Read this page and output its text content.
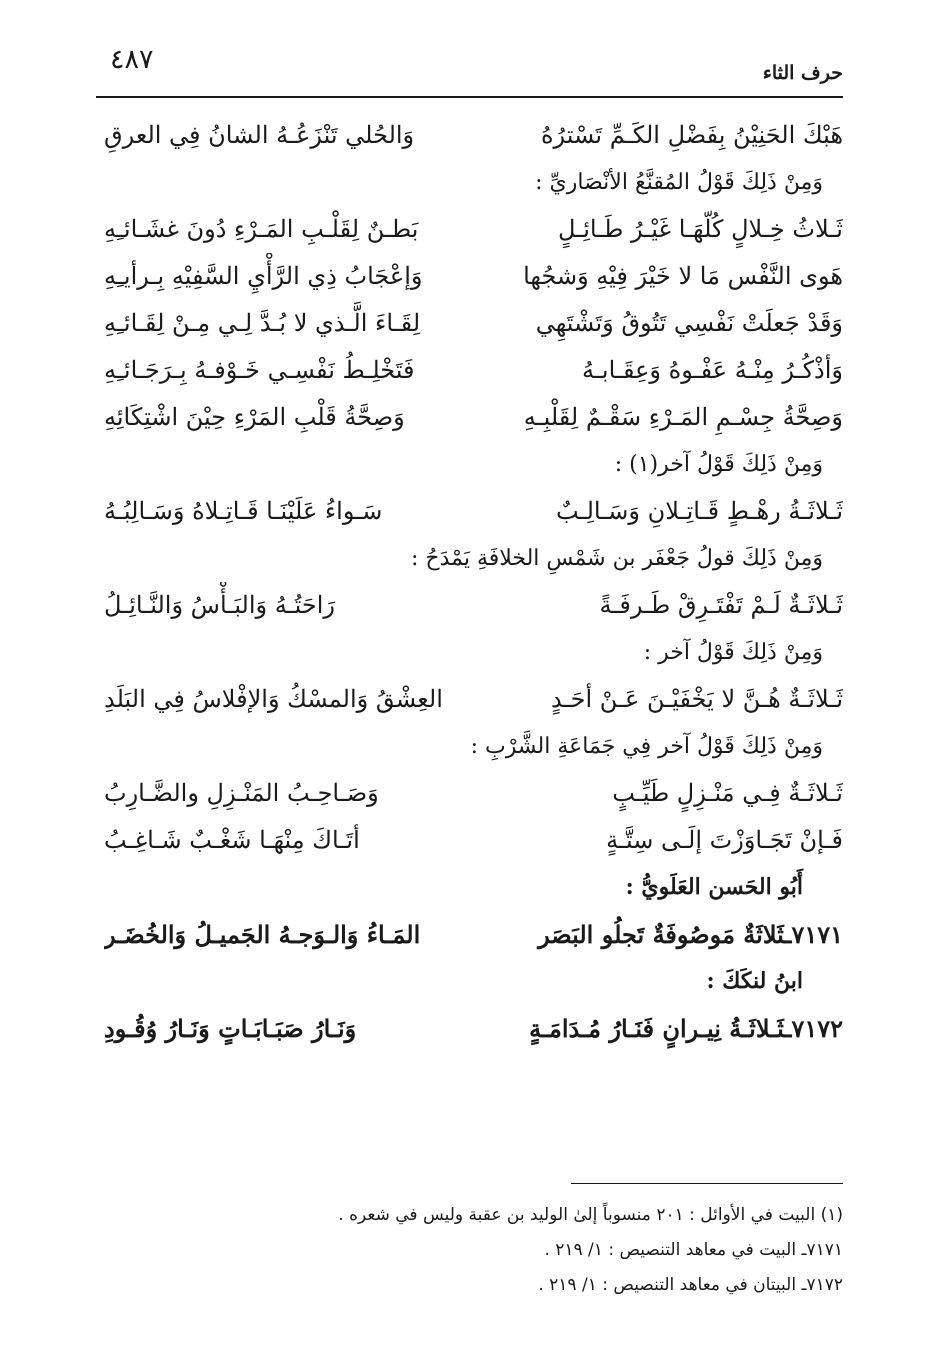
٤٨٧	حرف الثاء
هَبْكَ الحَنِيْنُ بِفَضْلِ الكَـمِّ تَسْترُهُ
وَالحُلي تَنْزَعُـهُ الشانُ فِي العرقِ
وَمِنْ ذَلِكَ قَوْلُ المُقنَّعُ الأنْصَاريِّ :
ثَـلاثُ خِـلالٍ كُلّهَـا غَيْـرُ طَـائِـلٍ
بَطـنٌ لِقَلْـبِ المَـرْءِ دُونَ غشَـائـِهِ
هَوى النَّفْس مَا لا خَيْرَ فِيْهِ وَشجُها
وَإعْجَابُ ذِي الرَّأْيِ السَّفِيْهِ بِـرأيـِهِ
وَقَدْ جَعلَتْ نَفْسِي تَتُوقُ وَتَشْتَهِي
لِقَـاءَ الَّـذي لا بُـدَّ لِـي مِـنْ لِقَـائـِهِ
وَأذْكُـرُ مِنْـهُ عَفْـوهُ وَعِقَـابـهُ
فَتَخْلِـطُ نَفْسِـي خَـوْفـهُ بِـرَجَـائـِهِ
وَصِحَّةُ جِسْـمِ المَـرْءِ سَقْـمٌ لِقَلْبِـهِ
وَصِحَّةُ قَلْبِ المَرْءِ حِيْنَ اشْتِكَائِهِ
وَمِنْ ذَلِكَ قَوْلُ آخر(١) :
ثَـلاثَـةُ رهْـطٍ قَـاتِـلانِ وَسَـالِـبٌ
سَـواءُ عَلَيْنَـا قَـاتِـلاهُ وَسَـالِبُـهُ
وَمِنْ ذَلِكَ قولُ جَعْفَر بن شَمْسِ الخلافَةِ يَمْدَحُ :
ثَـلاثَـةٌ لَـمْ تَفْتَـرِقْ طَـرفَـةً
رَاحَتُـهُ وَالبَـأْسُ وَالنَّـائِـلُ
وَمِنْ ذَلِكَ قَوْلُ آخر :
ثَـلاثَـةٌ هُـنَّ لا يَخْفَيْـنَ عَـنْ أحَـدٍ
العِشْقُ وَالمسْكُ وَالإفْلاسُ فِي البَلَدِ
وَمِنْ ذَلِكَ قَوْلُ آخر فِي جَمَاعَةِ الشَّرْبِ :
ثَـلاثَـةٌ فِـي مَنْـزِلٍ طَيِّـبٍ
وَصَـاحِـبُ المَنْـزِلِ والضَّـارِبُ
فَـإنْ تَجَـاوَزْتَ إلَـى سِتَّـةٍ
أتَـاكَ مِنْهَـا شَغْـبٌ شَـاغِـبُ
أَبُو الحَسن العَلَويُّ :
٧١٧١ـثَلاثَةٌ مَوصُوفَةٌ تَجلُو البَصَر
المَـاءُ وَالـوَجـهُ الجَميـلُ وَالخُضَـر
ابنُ لنكَكَ :
٧١٧٢ـثَـلاثَـةُ نِيـرانٍ فَنَـارُ مُـدَامَـةٍ
وَنَـارُ صَبَـابَـاتٍ وَنَـارُ وُقُـودِ
(١) البيت في الأوائل : ٢٠١ منسوباً إلىٰ الوليد بن عقبة وليس في شعره .
٧١٧١ـ البيت في معاهد التنصيص : ١/ ٢١٩ .
٧١٧٢ـ البيتان في معاهد التنصيص : ١/ ٢١٩ .
